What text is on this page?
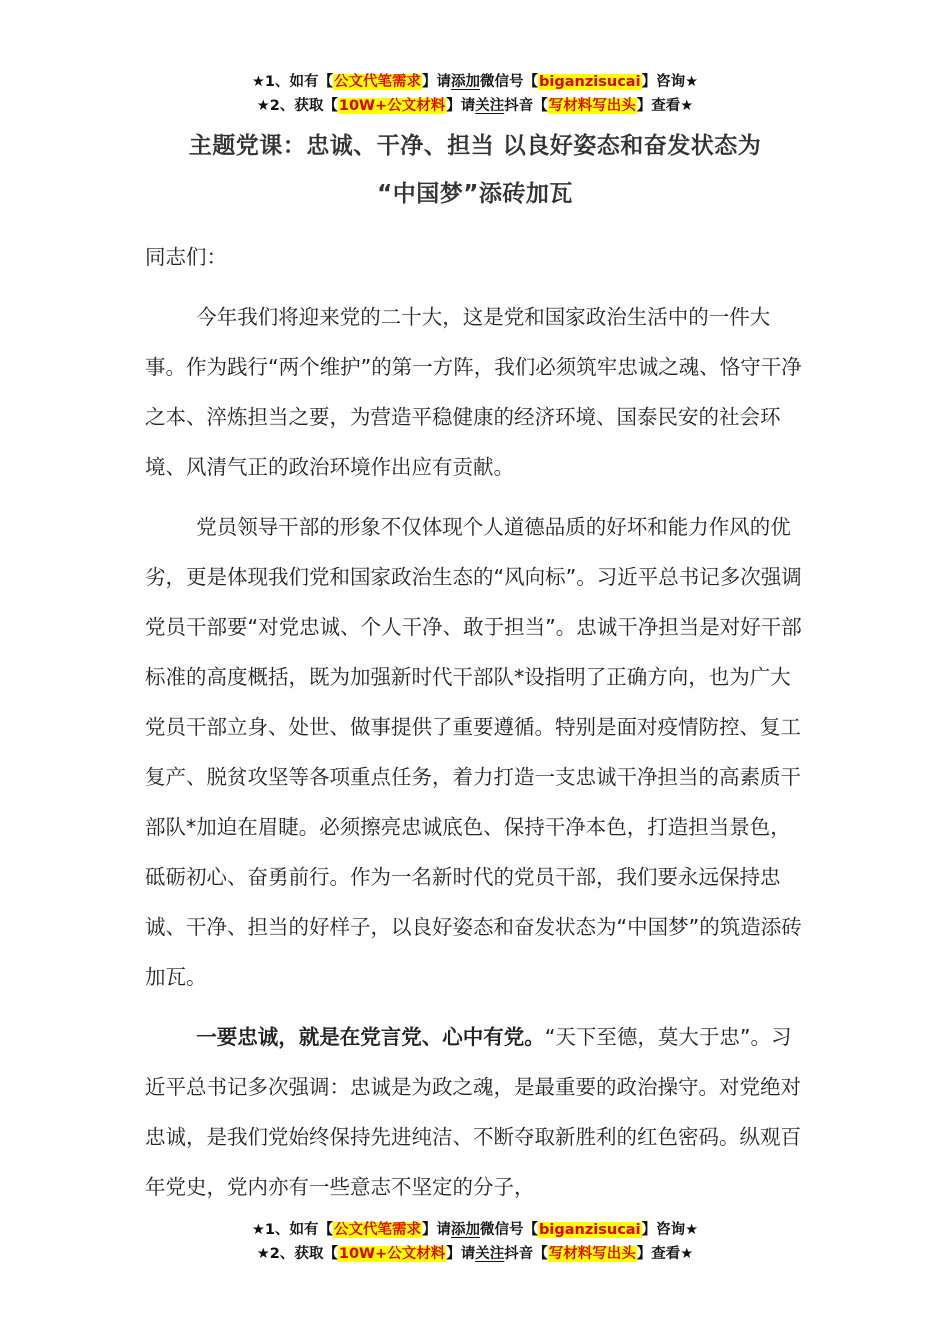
★1、如有【公文代笔需求】请添加微信号【biganzisucai】咨询★
★2、获取【10W+公文材料】请关注抖音【写材料写出头】查看★
主题党课：忠诚、干净、担当 以良好姿态和奋发状态为
“中国梦”添砖加瓦

同志们：

今年我们将迎来党的二十大，这是党和国家政治生活中的一件大事。作为践行“两个维护”的第一方阵，我们必须筑牢忠诚之魂、恪守干净之本、淬炼担当之要，为营造平稳健康的经济环境、国泰民安的社会环境、风清气正的政治环境作出应有贡献。

党员领导干部的形象不仅体现个人道德品质的好坏和能力作风的优劣，更是体现我们党和国家政治生态的“风向标”。习近平总书记多次强调党员干部要“对党忠诚、个人干净、敢于担当”。忠诚干净担当是对好干部标准的高度概括，既为加强新时代干部队*设指明了正确方向，也为广大党员干部立身、处世、做事提供了重要遵循。特别是面对疫情防控、复工复产、脱贫攻坚等各项重点任务，着力打造一支忠诚干净担当的高素质干部队*加迫在眉睫。必须擦亮忠诚底色、保持干净本色，打造担当景色，砥砺初心、奋勇前行。作为一名新时代的党员干部，我们要永远保持忠诚、干净、担当的好样子，以良好姿态和奋发状态为“中国梦”的筑造添砖加瓦。

一要忠诚，就是在党言党、心中有党。“天下至德，莫大于忠”。习近平总书记多次强调：忠诚是为政之魂，是最重要的政治操守。对党绝对忠诚，是我们党始终保持先进纯洁、不断夺取新胜利的红色密码。纵观百年党史，党内亦有一些意志不坚定的分子，

★1、如有【公文代笔需求】请添加微信号【biganzisucai】咨询★
★2、获取【10W+公文材料】请关注抖音【写材料写出头】查看★
